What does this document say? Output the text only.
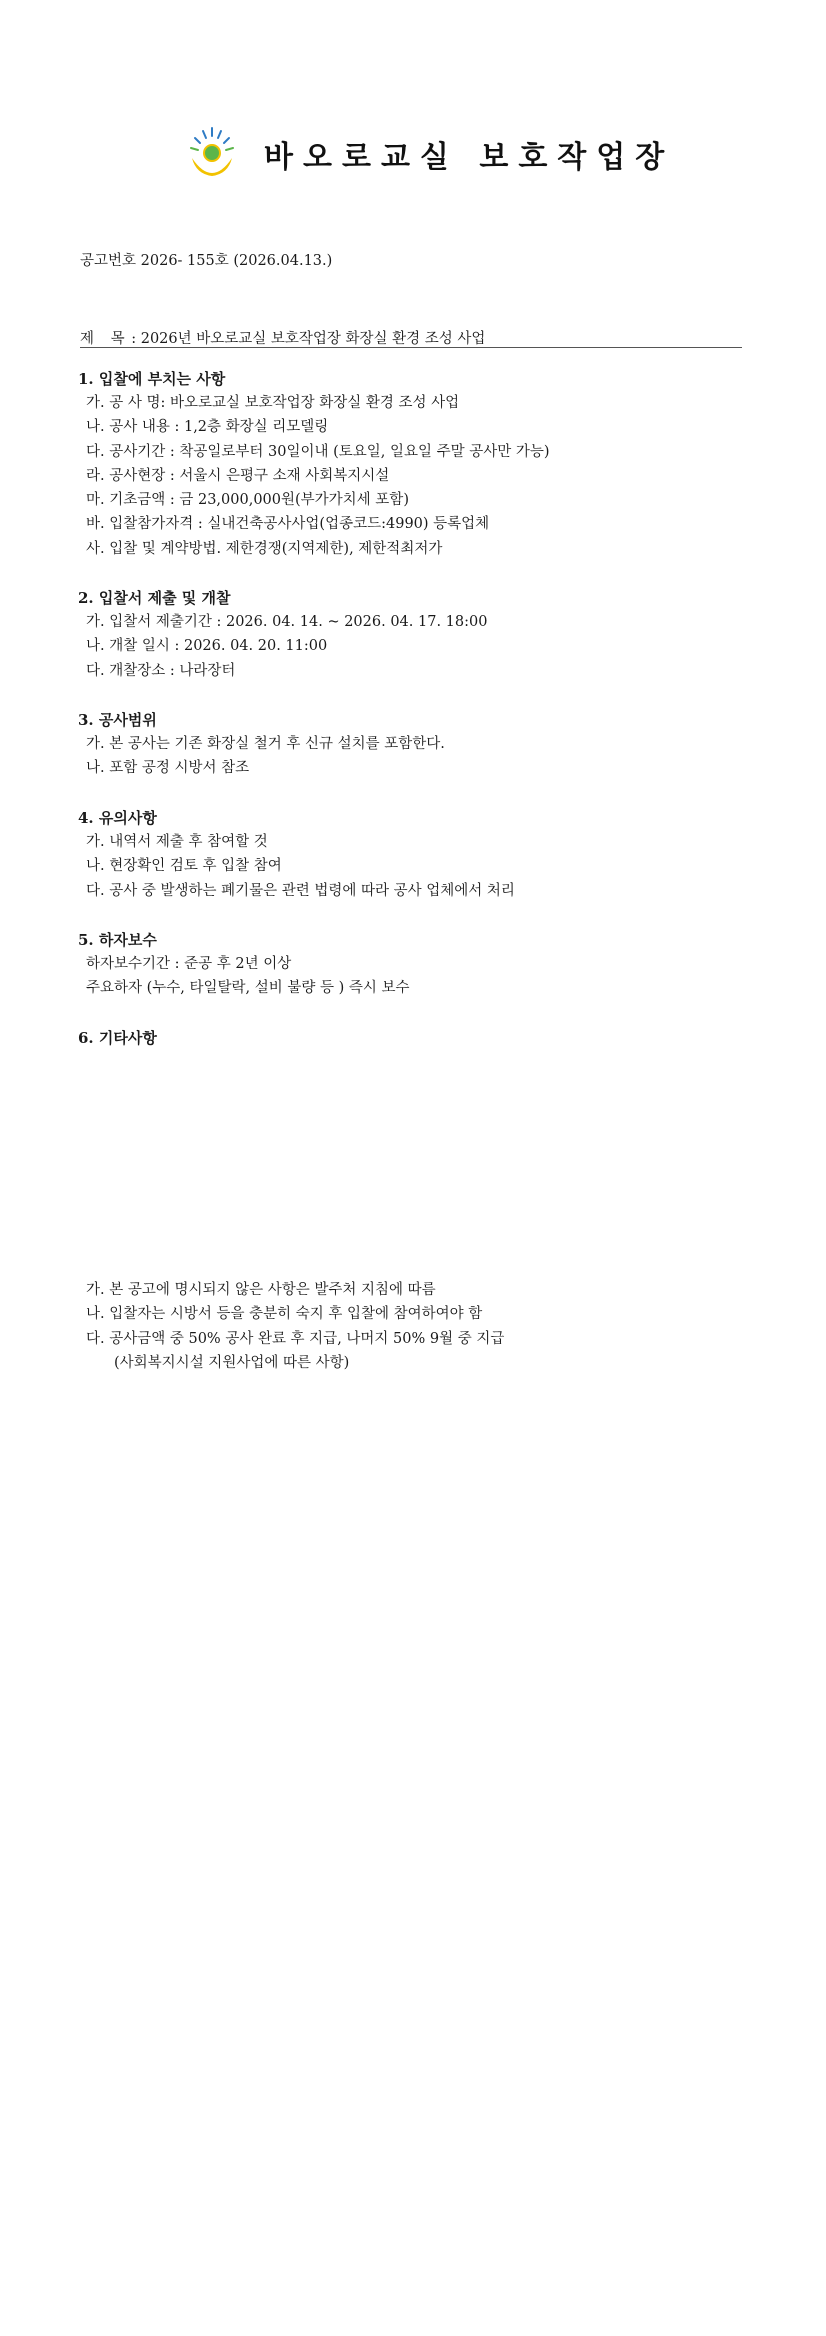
바오로교실 보호작업장
공고번호 2026- 155호 (2026.04.13.)
제 목 : 2026년 바오로교실 보호작업장 화장실 환경 조성 사업
1. 입찰에 부치는 사항
가. 공 사 명: 바오로교실 보호작업장 화장실 환경 조성 사업
나. 공사 내용 : 1,2층 화장실 리모델링
다. 공사기간 : 착공일로부터 30일이내 (토요일, 일요일 주말 공사만 가능)
라. 공사현장 : 서울시 은평구 소재 사회복지시설
마. 기초금액 : 금 23,000,000원(부가가치세 포함)
바. 입찰참가자격 : 실내건축공사사업(업종코드:4990) 등록업체
사. 입찰 및 계약방법. 제한경쟁(지역제한), 제한적최저가
2. 입찰서 제출 및 개찰
가. 입찰서 제출기간 : 2026. 04. 14. ~ 2026. 04. 17. 18:00
나. 개찰 일시 : 2026. 04. 20. 11:00
다. 개찰장소 : 나라장터
3. 공사범위
가. 본 공사는 기존 화장실 철거 후 신규 설치를 포함한다.
나. 포함 공정 시방서 참조
4. 유의사항
가. 내역서 제출 후 참여할 것
나. 현장확인 검토 후 입찰 참여
다. 공사 중 발생하는 폐기물은 관련 법령에 따라 공사 업체에서 처리
5. 하자보수
하자보수기간 : 준공 후 2년 이상
주요하자 (누수, 타일탈락, 설비 불량 등 ) 즉시 보수
6. 기타사항
가. 본 공고에 명시되지 않은 사항은 발주처 지침에 따름
나. 입찰자는 시방서 등을 충분히 숙지 후 입찰에 참여하여야 함
다. 공사금액 중 50% 공사 완료 후 지급, 나머지 50% 9월 중 지급
(사회복지시설 지원사업에 따른 사항)
